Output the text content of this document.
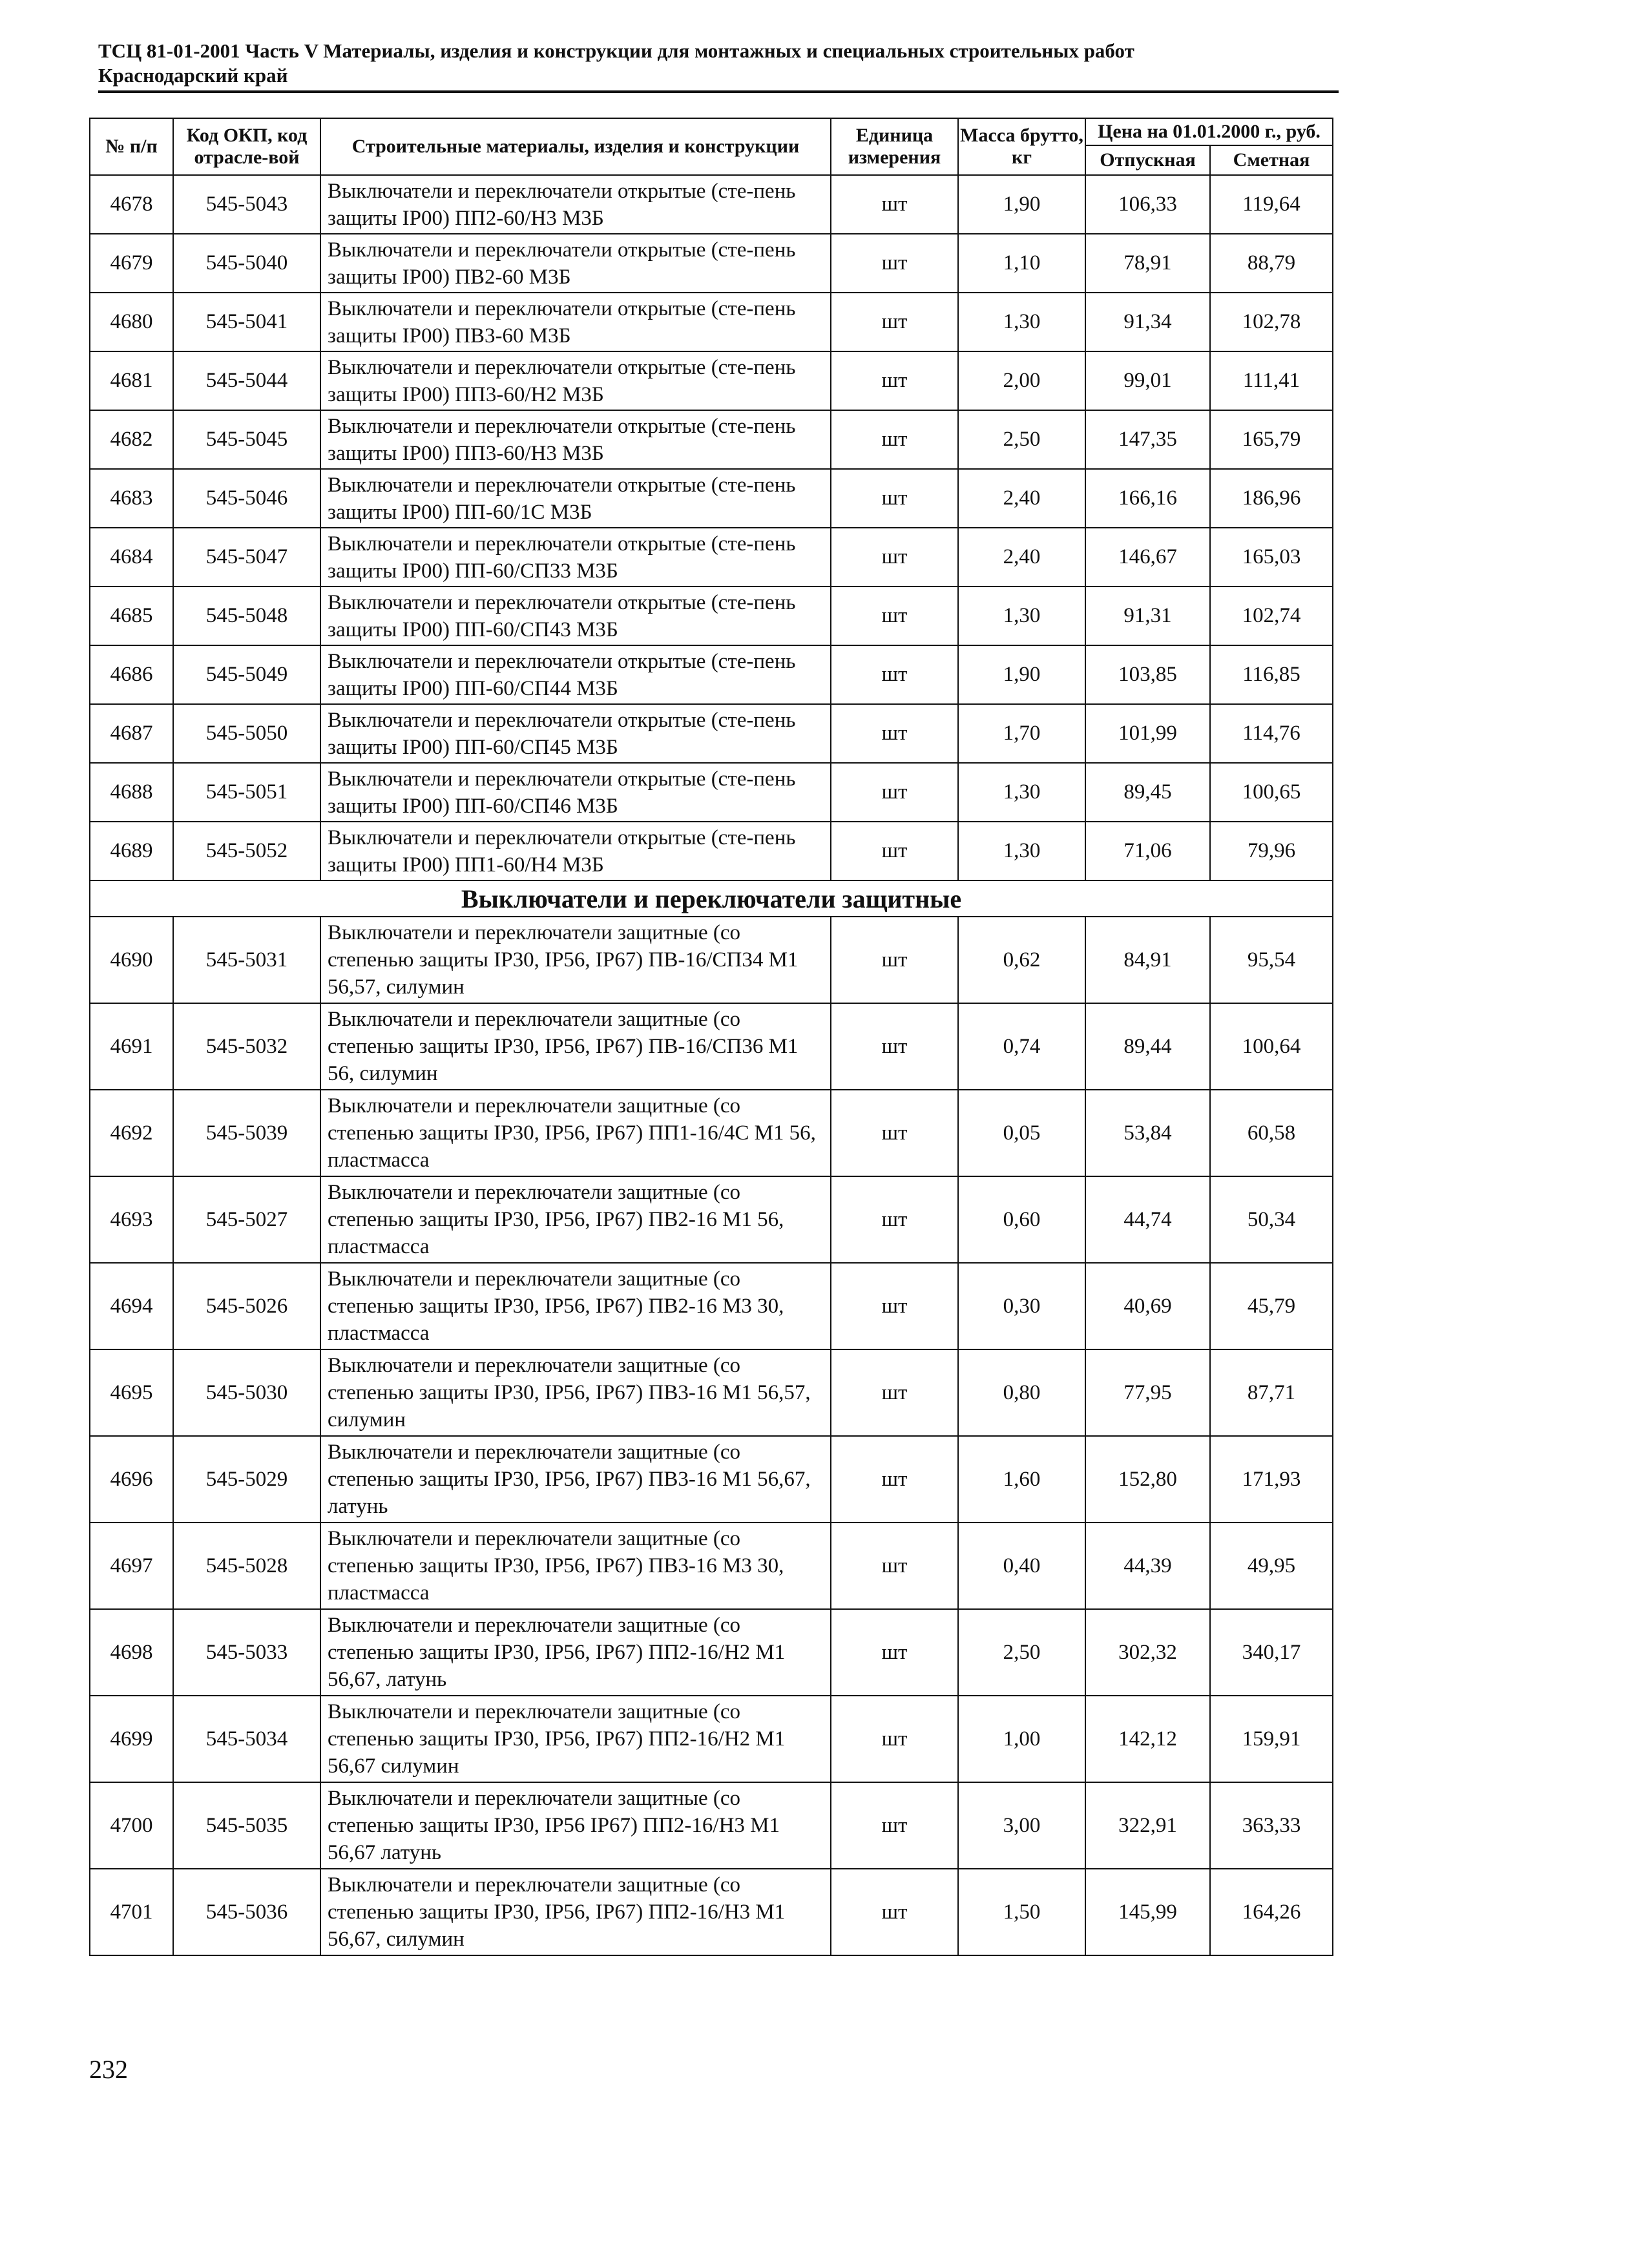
ТСЦ 81-01-2001 Часть V Материалы, изделия и конструкции для монтажных и специальных строительных работ
Краснодарский край
№ п/п	Код ОКП, код отрасле-вой	Строительные материалы, изделия и конструкции	Единица измерения	Масса брутто, кг	Цена на 01.01.2000 г., руб.	
					Отпускная	Сметная
4678	545-5043	Выключатели и переключатели открытые (сте-пень защиты IP00) ПП2-60/Н3 М3Б	шт	1,90	106,33	119,64
4679	545-5040	Выключатели и переключатели открытые (сте-пень защиты IP00) ПВ2-60 М3Б	шт	1,10	78,91	88,79
4680	545-5041	Выключатели и переключатели открытые (сте-пень защиты IP00) ПВ3-60 М3Б	шт	1,30	91,34	102,78
4681	545-5044	Выключатели и переключатели открытые (сте-пень защиты IP00) ПП3-60/Н2 М3Б	шт	2,00	99,01	111,41
4682	545-5045	Выключатели и переключатели открытые (сте-пень защиты IP00) ПП3-60/Н3 М3Б	шт	2,50	147,35	165,79
4683	545-5046	Выключатели и переключатели открытые (сте-пень защиты IP00) ПП-60/1С М3Б	шт	2,40	166,16	186,96
4684	545-5047	Выключатели и переключатели открытые (сте-пень защиты IP00) ПП-60/СП33 М3Б	шт	2,40	146,67	165,03
4685	545-5048	Выключатели и переключатели открытые (сте-пень защиты IP00) ПП-60/СП43 М3Б	шт	1,30	91,31	102,74
4686	545-5049	Выключатели и переключатели открытые (сте-пень защиты IP00) ПП-60/СП44 М3Б	шт	1,90	103,85	116,85
4687	545-5050	Выключатели и переключатели открытые (сте-пень защиты IP00) ПП-60/СП45 М3Б	шт	1,70	101,99	114,76
4688	545-5051	Выключатели и переключатели открытые (сте-пень защиты IP00) ПП-60/СП46 М3Б	шт	1,30	89,45	100,65
4689	545-5052	Выключатели и переключатели открытые (сте-пень защиты IP00) ПП1-60/Н4 М3Б	шт	1,30	71,06	79,96
Выключатели и переключатели защитные						
4690	545-5031	Выключатели и переключатели защитные (со степенью защиты IP30, IP56, IP67) ПВ-16/СП34 М1 56,57, силумин	шт	0,62	84,91	95,54
4691	545-5032	Выключатели и переключатели защитные (со степенью защиты IP30, IP56, IP67) ПВ-16/СП36 М1 56, силумин	шт	0,74	89,44	100,64
4692	545-5039	Выключатели и переключатели защитные (со степенью защиты IP30, IP56, IP67) ПП1-16/4С М1 56, пластмасса	шт	0,05	53,84	60,58
4693	545-5027	Выключатели и переключатели защитные (со степенью защиты IP30, IP56, IP67) ПВ2-16 М1 56, пластмасса	шт	0,60	44,74	50,34
4694	545-5026	Выключатели и переключатели защитные (со степенью защиты IP30, IP56, IP67) ПВ2-16 М3 30, пластмасса	шт	0,30	40,69	45,79
4695	545-5030	Выключатели и переключатели защитные (со степенью защиты IP30, IP56, IP67) ПВ3-16 М1 56,57, силумин	шт	0,80	77,95	87,71
4696	545-5029	Выключатели и переключатели защитные (со степенью защиты IP30, IP56, IP67) ПВ3-16 М1 56,67, латунь	шт	1,60	152,80	171,93
4697	545-5028	Выключатели и переключатели защитные (со степенью защиты IP30, IP56, IP67) ПВ3-16 М3 30, пластмасса	шт	0,40	44,39	49,95
4698	545-5033	Выключатели и переключатели защитные (со степенью защиты IP30, IP56, IP67) ПП2-16/Н2 М1 56,67, латунь	шт	2,50	302,32	340,17
4699	545-5034	Выключатели и переключатели защитные (со степенью защиты IP30, IP56, IP67) ПП2-16/Н2 М1 56,67 силумин	шт	1,00	142,12	159,91
4700	545-5035	Выключатели и переключатели защитные (со степенью защиты IP30, IP56 IP67) ПП2-16/Н3 М1 56,67 латунь	шт	3,00	322,91	363,33
4701	545-5036	Выключатели и переключатели защитные (со степенью защиты IP30, IP56, IP67) ПП2-16/Н3 М1 56,67, силумин	шт	1,50	145,99	164,26
232
